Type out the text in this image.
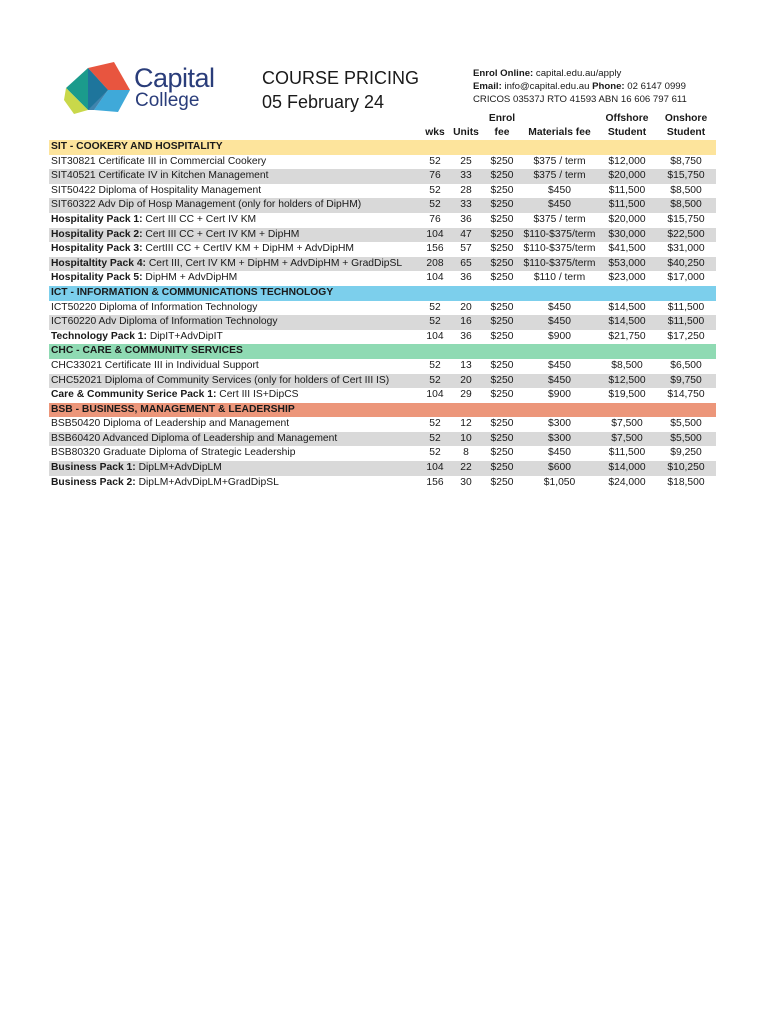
Capital
College
COURSE PRICING
05 February 24
Enrol Online: capital.edu.au/apply
Email: info@capital.edu.au Phone: 02 6147 0999
CRICOS 03537J RTO 41593 ABN 16 606 797 611
			Enrol		Offshore	Onshore
	wks	Units	fee	Materials fee	Student	Student
SIT - COOKERY AND HOSPITALITY						
SIT30821 Certificate III in Commercial Cookery	52	25	$250	$375 / term	$12,000	$8,750
SIT40521 Certificate IV in Kitchen Management	76	33	$250	$375 / term	$20,000	$15,750
SIT50422 Diploma of Hospitality Management	52	28	$250	$450	$11,500	$8,500
SIT60322 Adv Dip of Hosp Management (only for holders of DipHM)	52	33	$250	$450	$11,500	$8,500
Hospitality Pack 1: Cert III CC + Cert IV KM	76	36	$250	$375 / term	$20,000	$15,750
Hospitality Pack 2: Cert III CC + Cert IV KM + DipHM	104	47	$250	$110-$375/term	$30,000	$22,500
Hospitality Pack 3: CertIII CC + CertIV KM + DipHM + AdvDipHM	156	57	$250	$110-$375/term	$41,500	$31,000
Hospitaltity Pack 4: Cert III, Cert IV KM + DipHM + AdvDipHM + GradDipSL	208	65	$250	$110-$375/term	$53,000	$40,250
Hospitality Pack 5: DipHM + AdvDipHM	104	36	$250	$110 / term	$23,000	$17,000
ICT - INFORMATION & COMMUNICATIONS TECHNOLOGY						
ICT50220 Diploma of Information Technology	52	20	$250	$450	$14,500	$11,500
ICT60220 Adv Diploma of Information Technology	52	16	$250	$450	$14,500	$11,500
Technology Pack 1: DipIT+AdvDipIT	104	36	$250	$900	$21,750	$17,250
CHC - CARE & COMMUNITY SERVICES						
CHC33021 Certificate III in Individual Support	52	13	$250	$450	$8,500	$6,500
CHC52021 Diploma of Community Services (only for holders of Cert III IS)	52	20	$250	$450	$12,500	$9,750
Care & Community Serice Pack 1: Cert III IS+DipCS	104	29	$250	$900	$19,500	$14,750
BSB - BUSINESS, MANAGEMENT & LEADERSHIP						
BSB50420 Diploma of Leadership and Management	52	12	$250	$300	$7,500	$5,500
BSB60420 Advanced Diploma of Leadership and Management	52	10	$250	$300	$7,500	$5,500
BSB80320 Graduate Diploma of Strategic Leadership	52	8	$250	$450	$11,500	$9,250
Business Pack 1: DipLM+AdvDipLM	104	22	$250	$600	$14,000	$10,250
Business Pack 2: DipLM+AdvDipLM+GradDipSL	156	30	$250	$1,050	$24,000	$18,500
